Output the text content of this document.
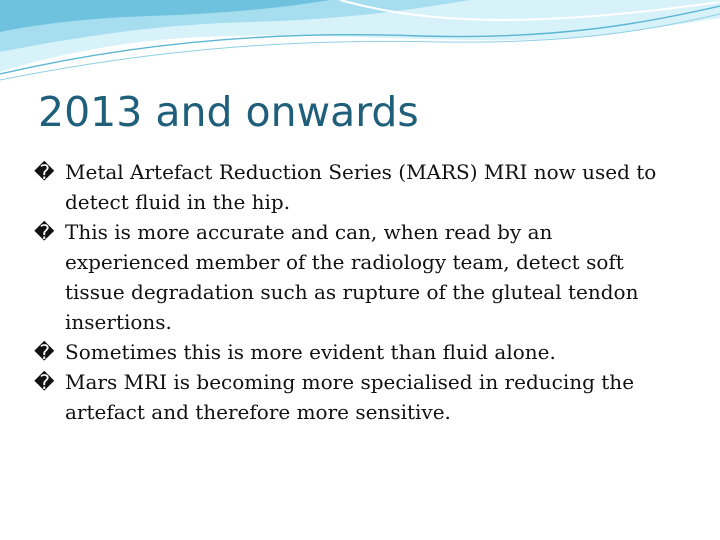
2013 and onwards
� Metal Artefact Reduction Series (MARS) MRI now used to detect fluid in the hip.
� This is more accurate and can, when read by an experienced member of the radiology team, detect soft tissue degradation such as rupture of the gluteal tendon insertions.
� Sometimes this is more evident than fluid alone.
� Mars MRI is becoming more specialised in reducing the artefact and therefore more sensitive.
